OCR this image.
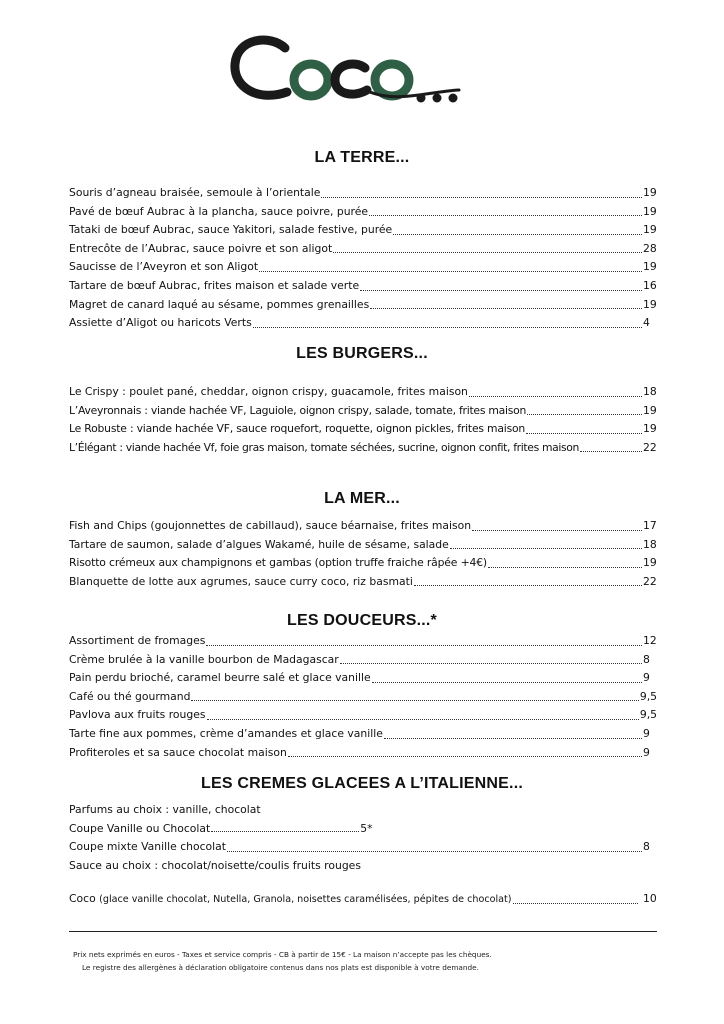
LA TERRE...
Souris d’agneau braisée, semoule à l’orientale	19
Pavé de bœuf Aubrac à la plancha, sauce poivre, purée	19
Tataki de bœuf Aubrac, sauce Yakitori, salade festive, purée	19
Entrecôte de l’Aubrac, sauce poivre et son aligot	28
Saucisse de l’Aveyron et son Aligot	19
Tartare de bœuf Aubrac, frites maison et salade verte	16
Magret de canard laqué au sésame, pommes grenailles	19
Assiette d’Aligot ou haricots Verts	4
LES BURGERS...
Le Crispy : poulet pané, cheddar, oignon crispy, guacamole, frites maison	18
L’Aveyronnais : viande hachée VF, Laguiole, oignon crispy, salade, tomate, frites maison	19
Le Robuste : viande hachée VF, sauce roquefort, roquette, oignon pickles, frites maison	19
L’Élégant : viande hachée Vf, foie gras maison, tomate séchées, sucrine, oignon confit, frites maison	22
LA MER...
Fish and Chips (goujonnettes de cabillaud), sauce béarnaise, frites maison	17
Tartare de saumon, salade d’algues Wakamé, huile de sésame, salade	18
Risotto crémeux aux champignons et gambas (option truffe fraiche râpée +4€)	19
Blanquette de lotte aux agrumes, sauce curry coco, riz basmati	22
LES DOUCEURS...*
Assortiment de fromages	12
Crème brulée à la vanille bourbon de Madagascar	8
Pain perdu brioché, caramel beurre salé et glace vanille	9
Café ou thé gourmand	9,5
Pavlova aux fruits rouges	9,5
Tarte fine aux pommes, crème d’amandes et glace vanille	9
Profiteroles et sa sauce chocolat maison	9
LES CREMES GLACEES A L’ITALIENNE...
Parfums au choix : vanille, chocolat
Coupe Vanille ou Chocolat	5*
Coupe mixte Vanille chocolat	8
Sauce au choix : chocolat/noisette/coulis fruits rouges
Coco (glace vanille chocolat, Nutella, Granola, noisettes caramélisées, pépites de chocolat)	10
Prix nets exprimés en euros - Taxes et service compris - CB à partir de 15€ - La maison n’accepte pas les chèques.
Le registre des allergènes à déclaration obligatoire contenus dans nos plats est disponible à votre demande.
